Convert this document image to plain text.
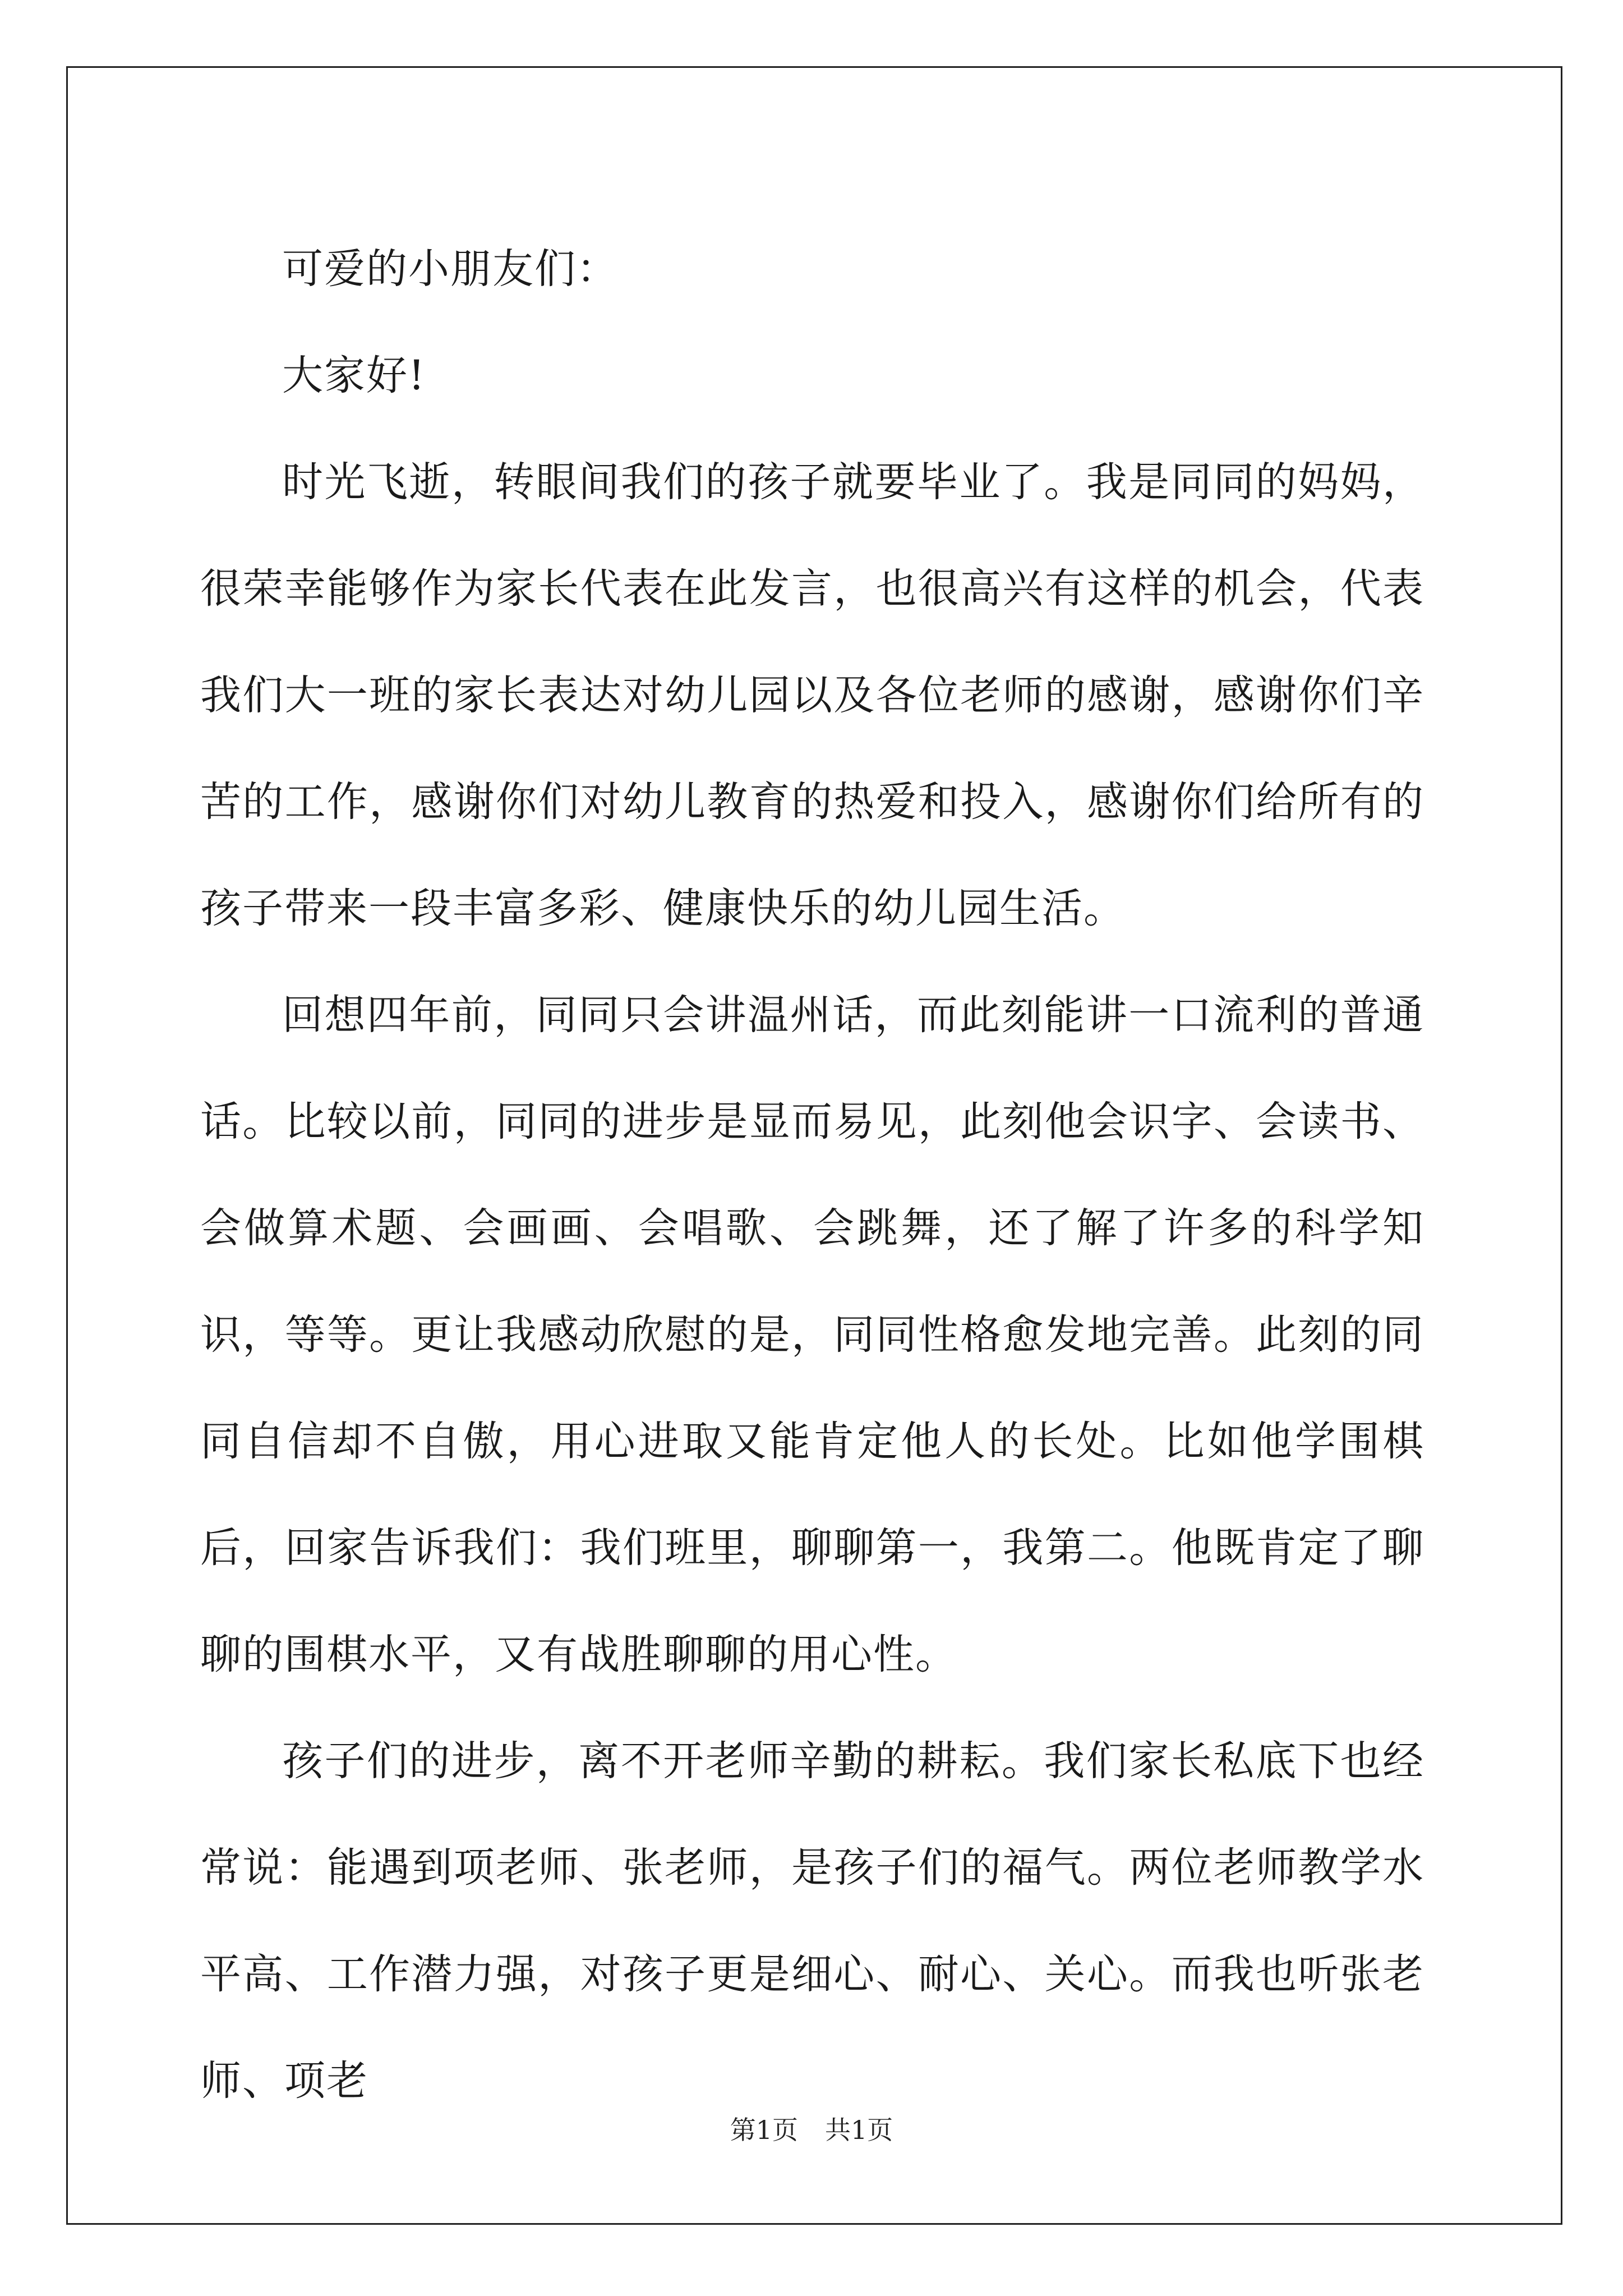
可爱的小朋友们：

大家好!

时光飞逝，转眼间我们的孩子就要毕业了。我是同同的妈妈，很荣幸能够作为家长代表在此发言，也很高兴有这样的机会，代表我们大一班的家长表达对幼儿园以及各位老师的感谢，感谢你们辛苦的工作，感谢你们对幼儿教育的热爱和投入，感谢你们给所有的孩子带来一段丰富多彩、健康快乐的幼儿园生活。

回想四年前，同同只会讲温州话，而此刻能讲一口流利的普通话。比较以前，同同的进步是显而易见，此刻他会识字、会读书、会做算术题、会画画、会唱歌、会跳舞，还了解了许多的科学知识，等等。更让我感动欣慰的是，同同性格愈发地完善。此刻的同同自信却不自傲，用心进取又能肯定他人的长处。比如他学围棋后，回家告诉我们：我们班里，聊聊第一，我第二。他既肯定了聊聊的围棋水平，又有战胜聊聊的用心性。

孩子们的进步，离不开老师辛勤的耕耘。我们家长私底下也经常说：能遇到项老师、张老师，是孩子们的福气。两位老师教学水平高、工作潜力强，对孩子更是细心、耐心、关心。而我也听张老师、项老

第1页 共1页
